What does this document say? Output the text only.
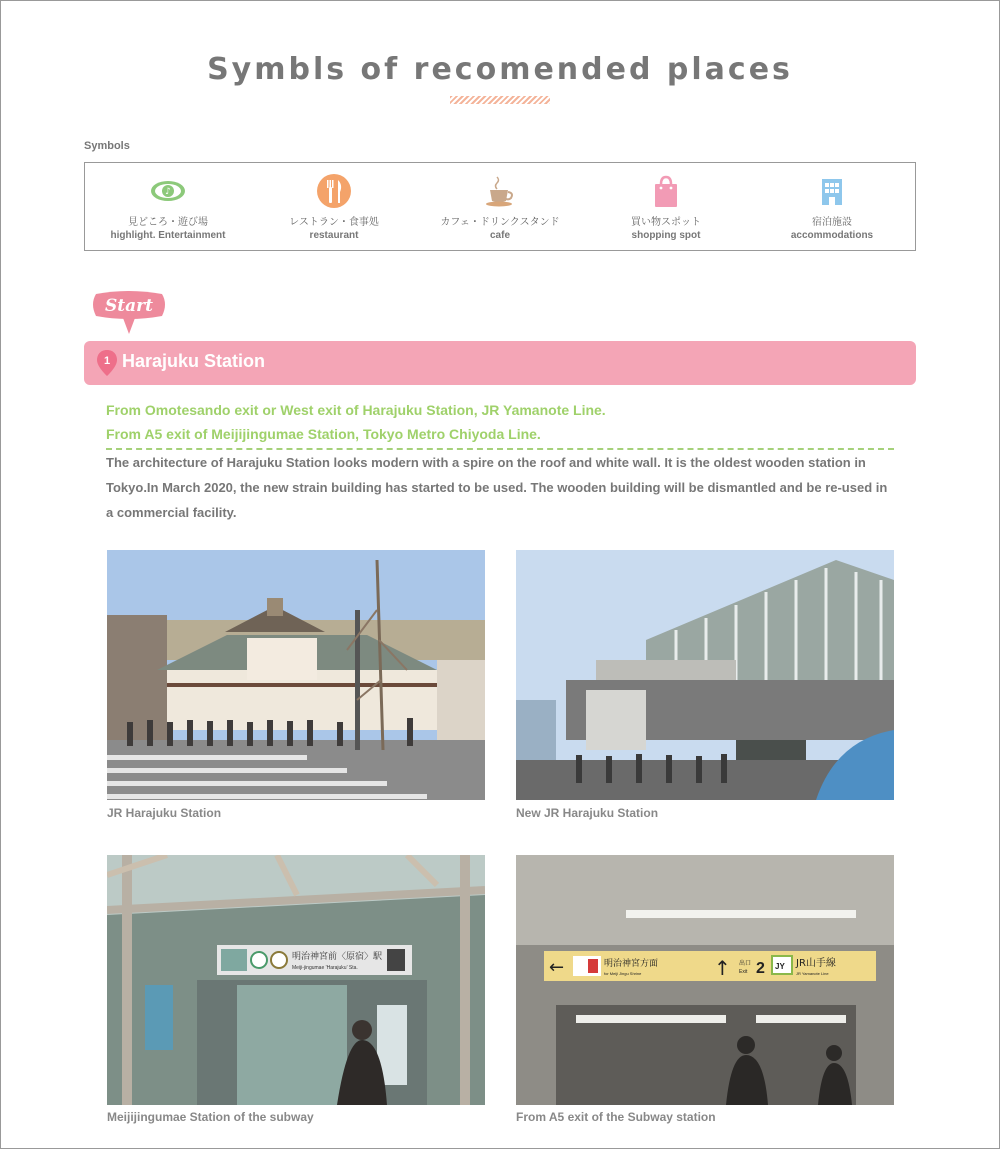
Symbls of recomended places
Symbols
♪
見どころ・遊び場
highlight. Entertainment
レストラン・食事処
restaurant
カフェ・ドリンクスタンド
cafe
買い物スポット
shopping spot
宿泊施設
accommodations
Start
1 Harajuku Station
From Omotesando exit or West exit of Harajuku Station, JR Yamanote Line.
From A5 exit of Meijijingumae Station, Tokyo Metro Chiyoda Line.

The architecture of Harajuku Station looks modern with a spire on the roof and white wall. It is the oldest wooden station in Tokyo.In March 2020, the new strain building has started to be used. The wooden building will be dismantled and be re-used in a commercial facility.

JR Harajuku Station	New JR Harajuku Station
明治神宮前〈原宿〉駅
Meiji-jingumae 'Harajuku' Sta.
Meijijingumae Station of the subway
←	明治神宮方面
for Meiji Jingu Shrine	↑ 出口
Exit 2 JY JR山手線
JR Yamanote Line
From A5 exit of the Subway station
